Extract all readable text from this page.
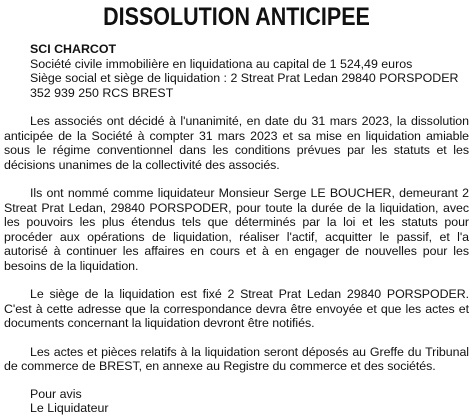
DISSOLUTION ANTICIPEE
SCI CHARCOT
Société civile immobilière en liquidationa au capital de 1 524,49 euros
Siège social et siège de liquidation : 2 Streat Prat Ledan 29840 PORSPODER
352 939 250 RCS BREST

Les associés ont décidé à l'unanimité, en date du 31 mars 2023, la dissolution anticipée de la Société à compter 31 mars 2023 et sa mise en liquidation amiable sous le régime conventionnel dans les conditions prévues par les statuts et les décisions unanimes de la collectivité des associés.

Ils ont nommé comme liquidateur Monsieur Serge LE BOUCHER, demeurant 2 Streat Prat Ledan, 29840 PORSPODER, pour toute la durée de la liquidation, avec les pouvoirs les plus étendus tels que déterminés par la loi et les statuts pour procéder aux opérations de liquidation, réaliser l'actif, acquitter le passif, et l'a autorisé à continuer les affaires en cours et à en engager de nouvelles pour les besoins de la liquidation.

Le siège de la liquidation est fixé 2 Streat Prat Ledan 29840 PORSPODER. C'est à cette adresse que la correspondance devra être envoyée et que les actes et documents concernant la liquidation devront être notifiés.

Les actes et pièces relatifs à la liquidation seront déposés au Greffe du Tribunal de commerce de BREST, en annexe au Registre du commerce et des sociétés.

Pour avis
Le Liquidateur
